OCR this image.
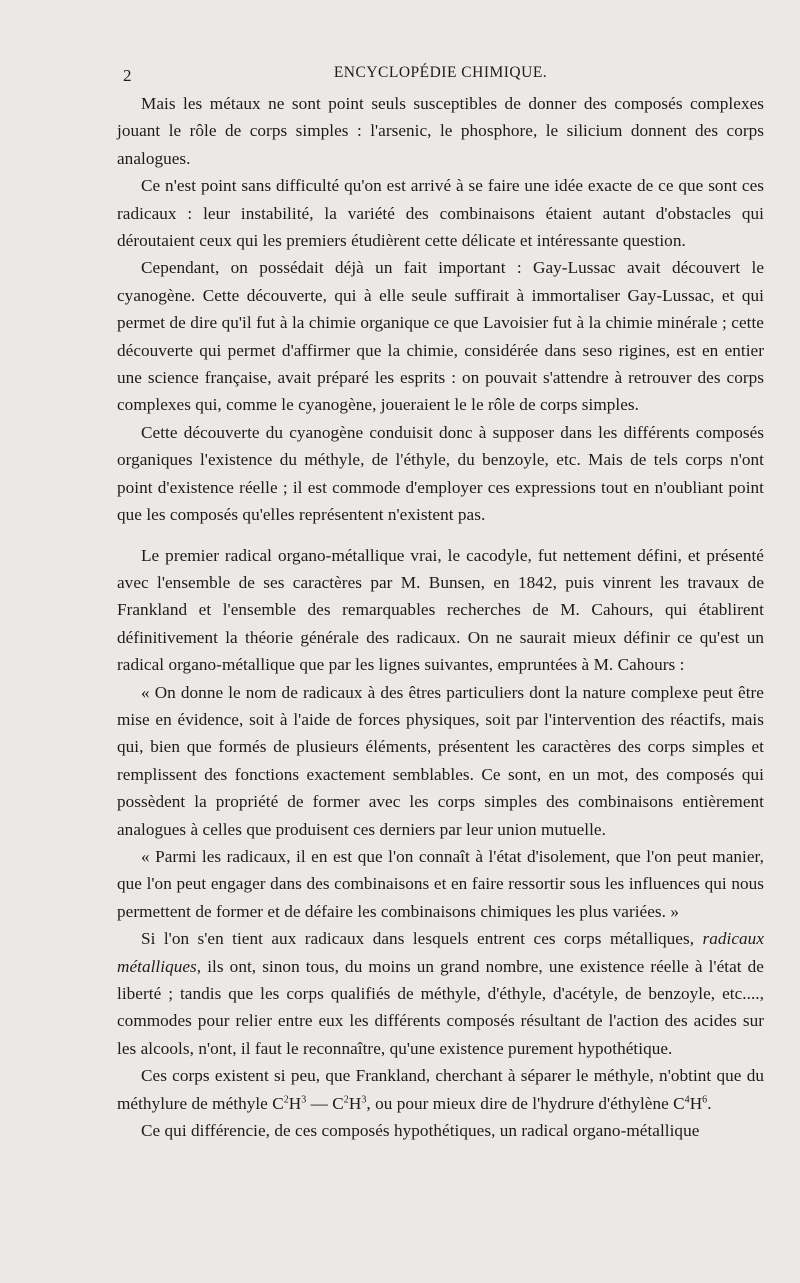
2	ENCYCLOPÉDIE CHIMIQUE.

Mais les métaux ne sont point seuls susceptibles de donner des composés complexes jouant le rôle de corps simples : l'arsenic, le phosphore, le silicium donnent des corps analogues.

Ce n'est point sans difficulté qu'on est arrivé à se faire une idée exacte de ce que sont ces radicaux : leur instabilité, la variété des combinaisons étaient autant d'obstacles qui déroutaient ceux qui les premiers étudièrent cette délicate et intéressante question.

Cependant, on possédait déjà un fait important : Gay-Lussac avait découvert le cyanogène. Cette découverte, qui à elle seule suffirait à immortaliser Gay-Lussac, et qui permet de dire qu'il fut à la chimie organique ce que Lavoisier fut à la chimie minérale ; cette découverte qui permet d'affirmer que la chimie, considérée dans seso rigines, est en entier une science française, avait préparé les esprits : on pouvait s'attendre à retrouver des corps complexes qui, comme le cyanogène, joueraient le le rôle de corps simples.

Cette découverte du cyanogène conduisit donc à supposer dans les différents composés organiques l'existence du méthyle, de l'éthyle, du benzoyle, etc. Mais de tels corps n'ont point d'existence réelle ; il est commode d'employer ces expressions tout en n'oubliant point que les composés qu'elles représentent n'existent pas.

Le premier radical organo-métallique vrai, le cacodyle, fut nettement défini, et présenté avec l'ensemble de ses caractères par M. Bunsen, en 1842, puis vinrent les travaux de Frankland et l'ensemble des remarquables recherches de M. Cahours, qui établirent définitivement la théorie générale des radicaux. On ne saurait mieux définir ce qu'est un radical organo-métallique que par les lignes suivantes, empruntées à M. Cahours :

« On donne le nom de radicaux à des êtres particuliers dont la nature complexe peut être mise en évidence, soit à l'aide de forces physiques, soit par l'intervention des réactifs, mais qui, bien que formés de plusieurs éléments, présentent les caractères des corps simples et remplissent des fonctions exactement semblables. Ce sont, en un mot, des composés qui possèdent la propriété de former avec les corps simples des combinaisons entièrement analogues à celles que produisent ces derniers par leur union mutuelle.

« Parmi les radicaux, il en est que l'on connaît à l'état d'isolement, que l'on peut manier, que l'on peut engager dans des combinaisons et en faire ressortir sous les influences qui nous permettent de former et de défaire les combinaisons chimiques les plus variées. »

Si l'on s'en tient aux radicaux dans lesquels entrent ces corps métalliques, radicaux métalliques, ils ont, sinon tous, du moins un grand nombre, une existence réelle à l'état de liberté ; tandis que les corps qualifiés de méthyle, d'éthyle, d'acétyle, de benzoyle, etc...., commodes pour relier entre eux les différents composés résultant de l'action des acides sur les alcools, n'ont, il faut le reconnaître, qu'une existence purement hypothétique.

Ces corps existent si peu, que Frankland, cherchant à séparer le méthyle, n'obtint que du méthylure de méthyle $C^2H^3$ — $C^2H^3$, ou pour mieux dire de l'hydrure d'éthylène $C^4H^6$.

Ce qui différencie, de ces composés hypothétiques, un radical organo-métallique
